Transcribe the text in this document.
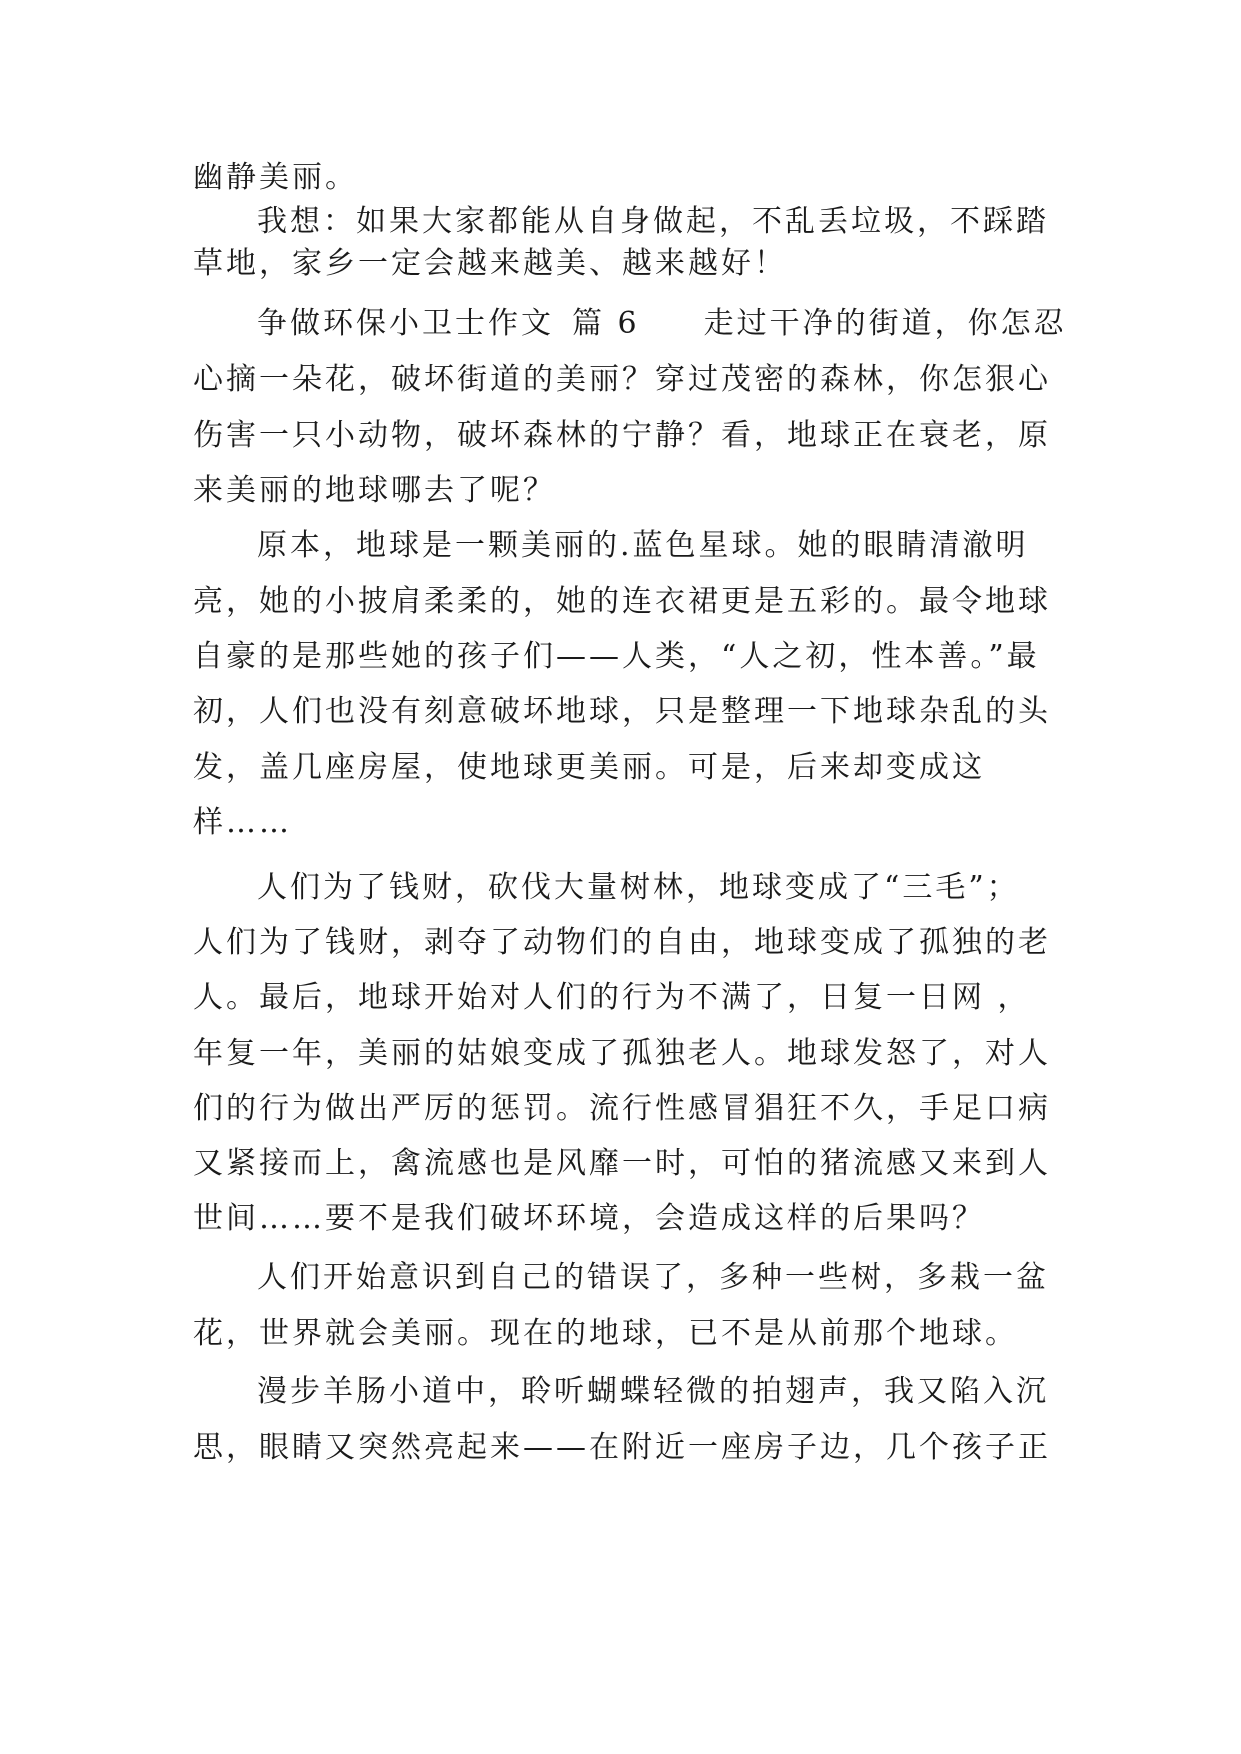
幽静美丽。
我想：如果大家都能从自身做起，不乱丢垃圾，不踩踏
草地，家乡一定会越来越美、越来越好！
争做环保小卫士作文 篇 6 走过干净的街道，你怎忍
心摘一朵花，破坏街道的美丽？穿过茂密的森林，你怎狠心
伤害一只小动物，破坏森林的宁静？看，地球正在衰老，原
来美丽的地球哪去了呢？
原本，地球是一颗美丽的.蓝色星球。她的眼睛清澈明
亮，她的小披肩柔柔的，她的连衣裙更是五彩的。最令地球
自豪的是那些她的孩子们——人类，“人之初，性本善。”最
初，人们也没有刻意破坏地球，只是整理一下地球杂乱的头
发，盖几座房屋，使地球更美丽。可是，后来却变成这
样……
人们为了钱财，砍伐大量树林，地球变成了“三毛”；
人们为了钱财，剥夺了动物们的自由，地球变成了孤独的老
人。最后，地球开始对人们的行为不满了，日复一日网 ，
年复一年，美丽的姑娘变成了孤独老人。地球发怒了，对人
们的行为做出严厉的惩罚。流行性感冒猖狂不久，手足口病
又紧接而上，禽流感也是风靡一时，可怕的猪流感又来到人
世间……要不是我们破坏环境，会造成这样的后果吗？
人们开始意识到自己的错误了，多种一些树，多栽一盆
花，世界就会美丽。现在的地球，已不是从前那个地球。
漫步羊肠小道中，聆听蝴蝶轻微的拍翅声，我又陷入沉
思，眼睛又突然亮起来——在附近一座房子边，几个孩子正
